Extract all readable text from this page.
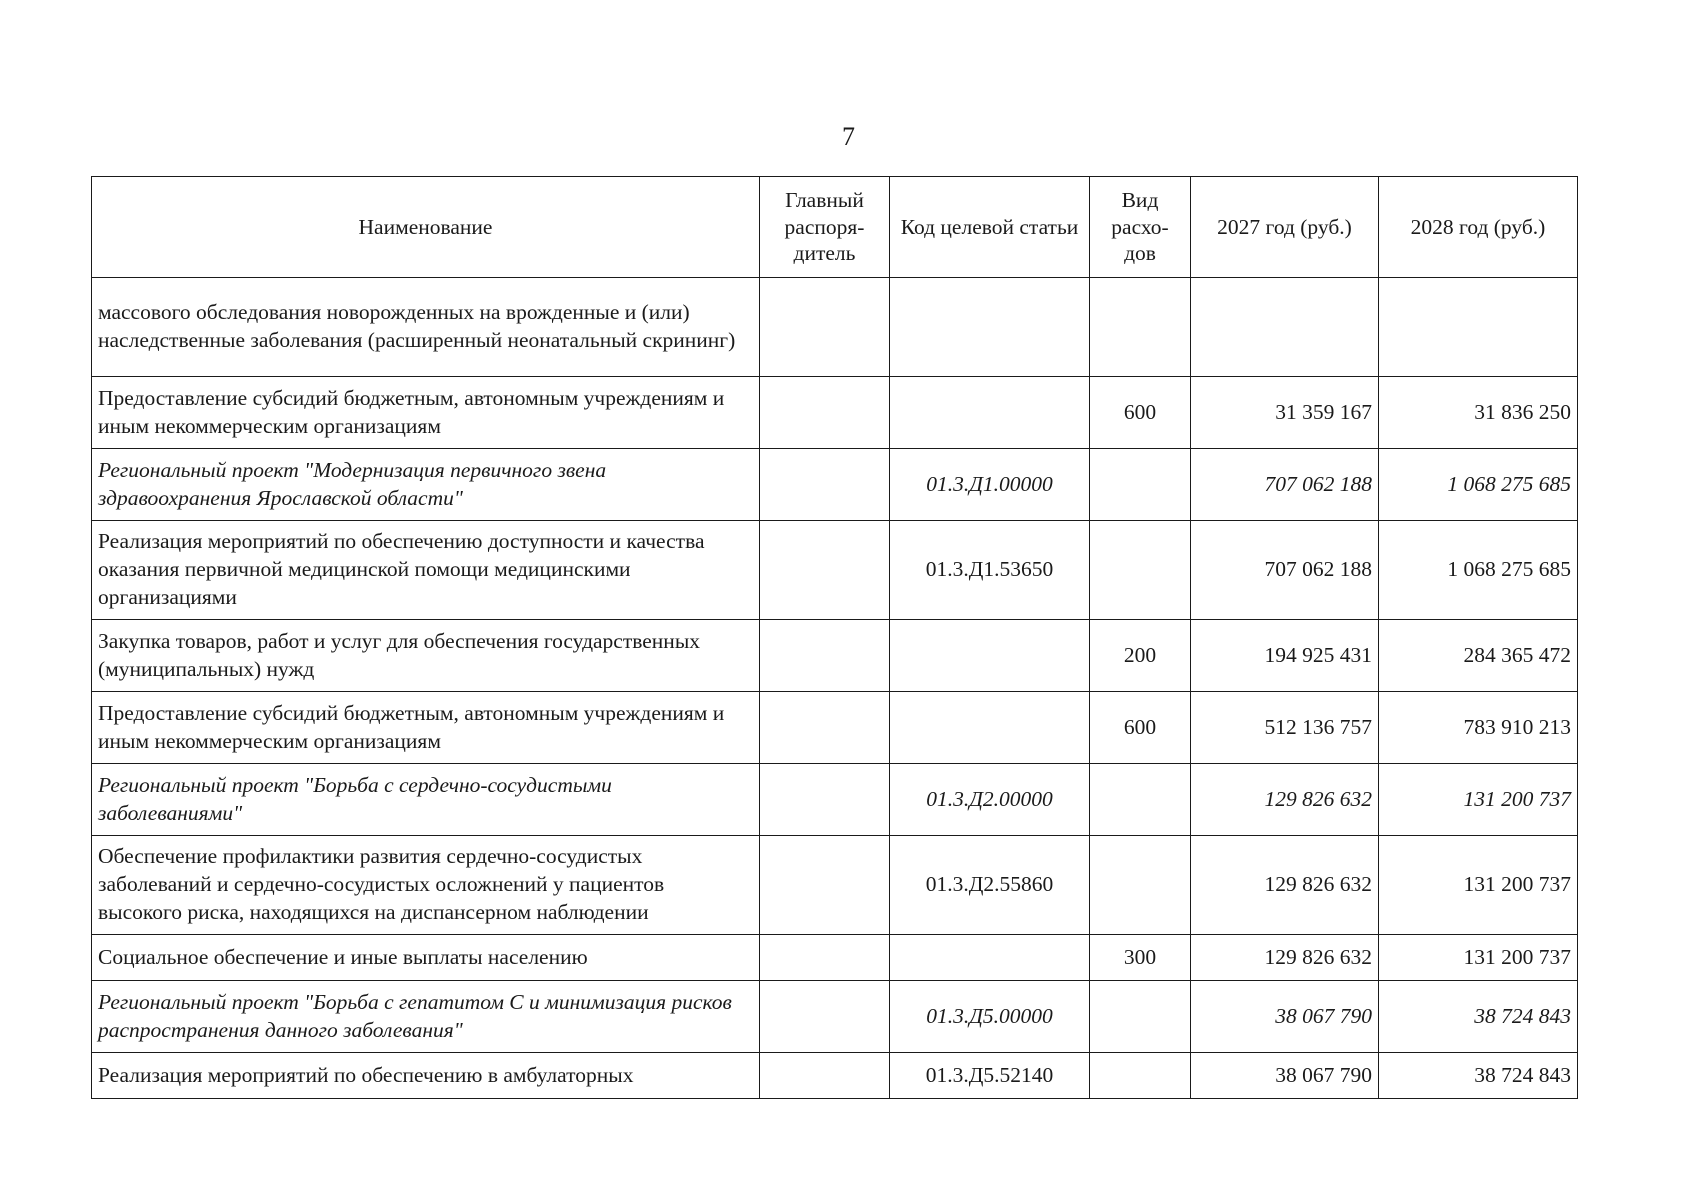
7
Наименование	Главный распоря- дитель	Код целевой статьи	Вид расхо- дов	2027 год (руб.)	2028 год (руб.)
массового обследования новорожденных на врожденные и (или) наследственные заболевания (расширенный неонатальный скрининг)					
Предоставление субсидий бюджетным, автономным учреждениям и иным некоммерческим организациям			600	31 359 167	31 836 250
Региональный проект "Модернизация первичного звена здравоохранения Ярославской области"		01.3.Д1.00000		707 062 188	1 068 275 685
Реализация мероприятий по обеспечению доступности и качества оказания первичной медицинской помощи медицинскими организациями		01.3.Д1.53650		707 062 188	1 068 275 685
Закупка товаров, работ и услуг для обеспечения государственных (муниципальных) нужд			200	194 925 431	284 365 472
Предоставление субсидий бюджетным, автономным учреждениям и иным некоммерческим организациям			600	512 136 757	783 910 213
Региональный проект "Борьба с сердечно-сосудистыми заболеваниями"		01.3.Д2.00000		129 826 632	131 200 737
Обеспечение профилактики развития сердечно-сосудистых заболеваний и сердечно-сосудистых осложнений у пациентов высокого риска, находящихся на диспансерном наблюдении		01.3.Д2.55860		129 826 632	131 200 737
Социальное обеспечение и иные выплаты населению			300	129 826 632	131 200 737
Региональный проект "Борьба с гепатитом С и минимизация рисков распространения данного заболевания"		01.3.Д5.00000		38 067 790	38 724 843
Реализация мероприятий по обеспечению в амбулаторных		01.3.Д5.52140		38 067 790	38 724 843
